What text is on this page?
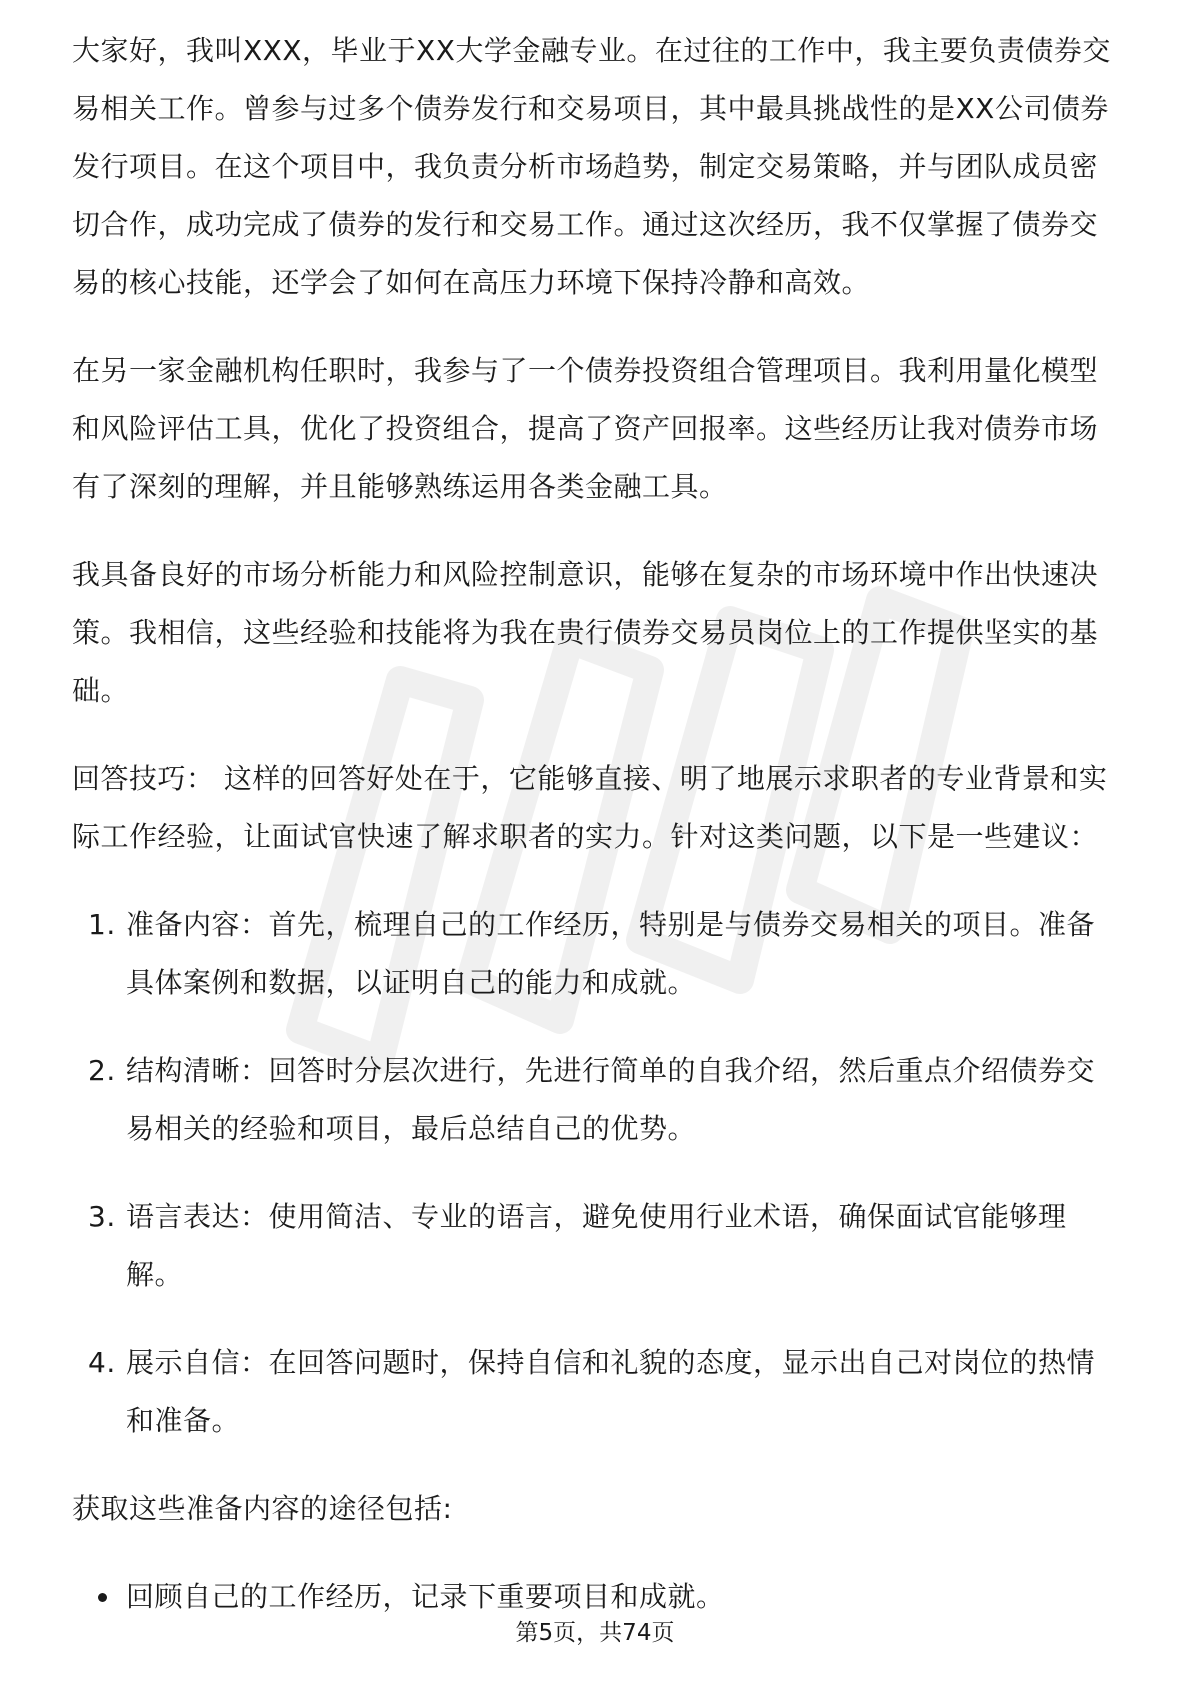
大家好，我叫XXX，毕业于XX大学金融专业。在过往的工作中，我主要负责债券交易相关工作。曾参与过多个债券发行和交易项目，其中最具挑战性的是XX公司债券发行项目。在这个项目中，我负责分析市场趋势，制定交易策略，并与团队成员密切合作，成功完成了债券的发行和交易工作。通过这次经历，我不仅掌握了债券交易的核心技能，还学会了如何在高压力环境下保持冷静和高效。

在另一家金融机构任职时，我参与了一个债券投资组合管理项目。我利用量化模型和风险评估工具，优化了投资组合，提高了资产回报率。这些经历让我对债券市场有了深刻的理解，并且能够熟练运用各类金融工具。

我具备良好的市场分析能力和风险控制意识，能够在复杂的市场环境中作出快速决策。我相信，这些经验和技能将为我在贵行债券交易员岗位上的工作提供坚实的基础。

回答技巧： 这样的回答好处在于，它能够直接、明了地展示求职者的专业背景和实际工作经验，让面试官快速了解求职者的实力。针对这类问题，以下是一些建议：

1. 准备内容：首先，梳理自己的工作经历，特别是与债券交易相关的项目。准备具体案例和数据，以证明自己的能力和成就。
2. 结构清晰：回答时分层次进行，先进行简单的自我介绍，然后重点介绍债券交易相关的经验和项目，最后总结自己的优势。
3. 语言表达：使用简洁、专业的语言，避免使用行业术语，确保面试官能够理解。
4. 展示自信：在回答问题时，保持自信和礼貌的态度，显示出自己对岗位的热情和准备。

获取这些准备内容的途径包括:

回顾自己的工作经历，记录下重要项目和成就。
第5页，共74页
